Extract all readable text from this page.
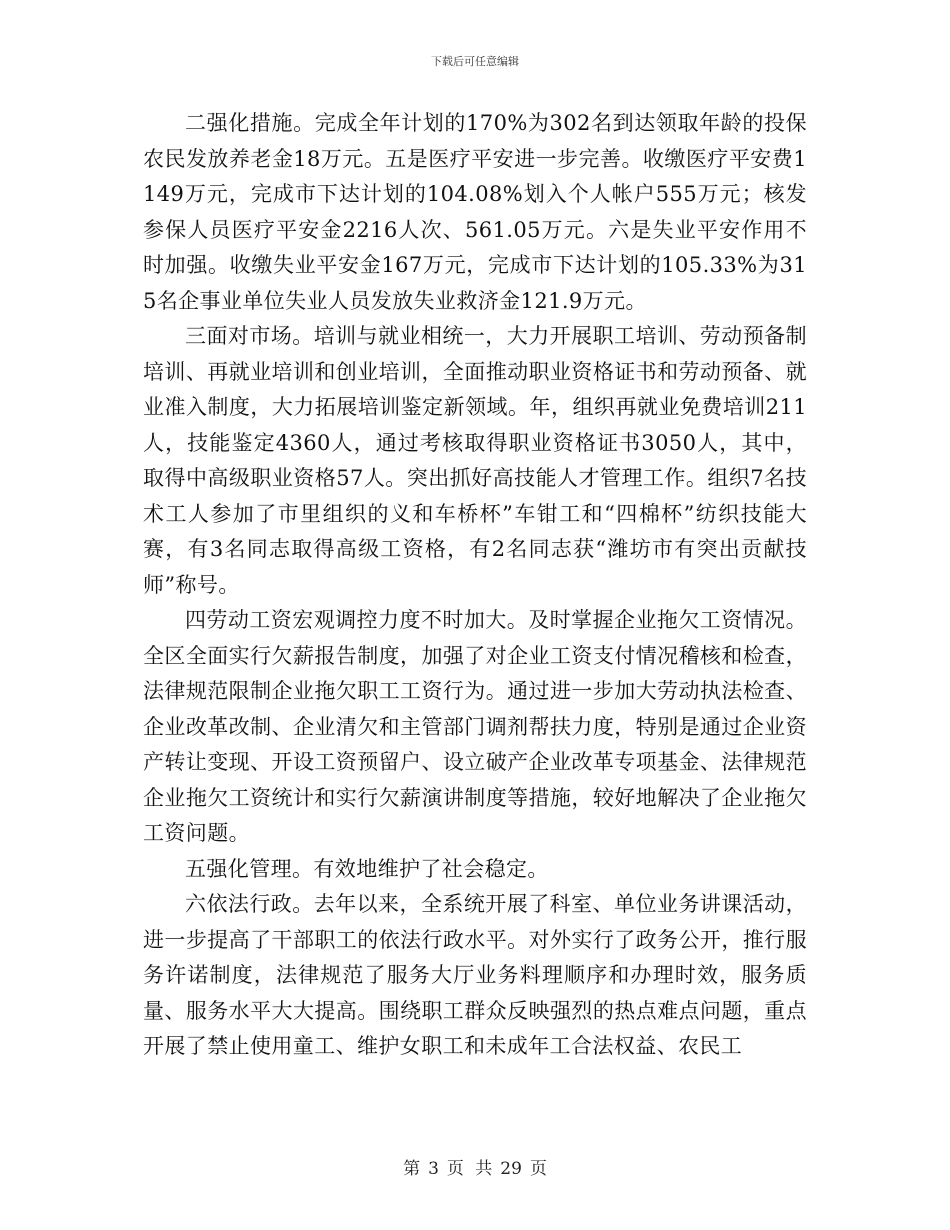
下载后可任意编辑

二强化措施。完成全年计划的170%为302名到达领取年龄的投保农民发放养老金18万元。五是医疗平安进一步完善。收缴医疗平安费1149万元，完成市下达计划的104.08%划入个人帐户555万元；核发参保人员医疗平安金2216人次、561.05万元。六是失业平安作用不时加强。收缴失业平安金167万元，完成市下达计划的105.33%为315名企事业单位失业人员发放失业救济金121.9万元。

三面对市场。培训与就业相统一，大力开展职工培训、劳动预备制培训、再就业培训和创业培训，全面推动职业资格证书和劳动预备、就业准入制度，大力拓展培训鉴定新领域。年，组织再就业免费培训211人，技能鉴定4360人，通过考核取得职业资格证书3050人，其中，取得中高级职业资格57人。突出抓好高技能人才管理工作。组织7名技术工人参加了市里组织的义和车桥杯”车钳工和“四棉杯”纺织技能大赛，有3名同志取得高级工资格，有2名同志获“潍坊市有突出贡献技师”称号。

四劳动工资宏观调控力度不时加大。及时掌握企业拖欠工资情况。全区全面实行欠薪报告制度，加强了对企业工资支付情况稽核和检查，法律规范限制企业拖欠职工工资行为。通过进一步加大劳动执法检查、企业改革改制、企业清欠和主管部门调剂帮扶力度，特别是通过企业资产转让变现、开设工资预留户、设立破产企业改革专项基金、法律规范企业拖欠工资统计和实行欠薪演讲制度等措施，较好地解决了企业拖欠工资问题。

五强化管理。有效地维护了社会稳定。

六依法行政。去年以来，全系统开展了科室、单位业务讲课活动，进一步提高了干部职工的依法行政水平。对外实行了政务公开，推行服务许诺制度，法律规范了服务大厅业务料理顺序和办理时效，服务质量、服务水平大大提高。围绕职工群众反映强烈的热点难点问题，重点开展了禁止使用童工、维护女职工和未成年工合法权益、农民工

第 3 页 共 29 页
